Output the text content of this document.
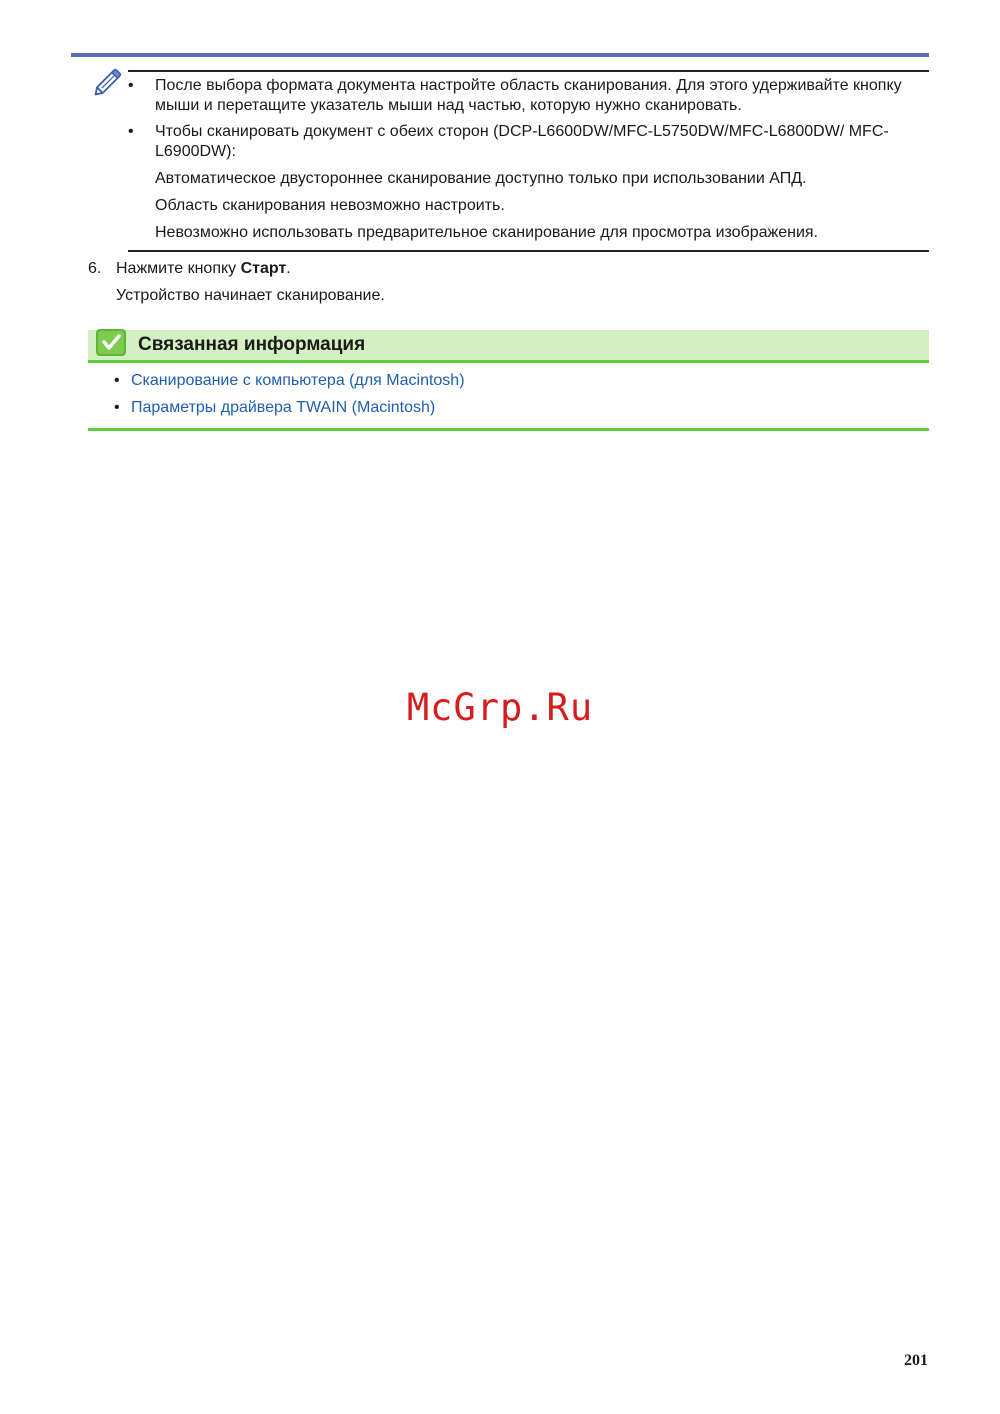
•	После выбора формата документа настройте область сканирования. Для этого удерживайте кнопку мыши и перетащите указатель мыши над частью, которую нужно сканировать.
•	Чтобы сканировать документ с обеих сторон (DCP-L6600DW/MFC-L5750DW/MFC-L6800DW/ MFC-L6900DW):
Автоматическое двустороннее сканирование доступно только при использовании АПД.
Область сканирования невозможно настроить.
Невозможно использовать предварительное сканирование для просмотра изображения.
6. Нажмите кнопку Старт.
Устройство начинает сканирование.
Связанная информация
• Сканирование с компьютера (для Macintosh)
• Параметры драйвера TWAIN (Macintosh)
McGrp.Ru
201
